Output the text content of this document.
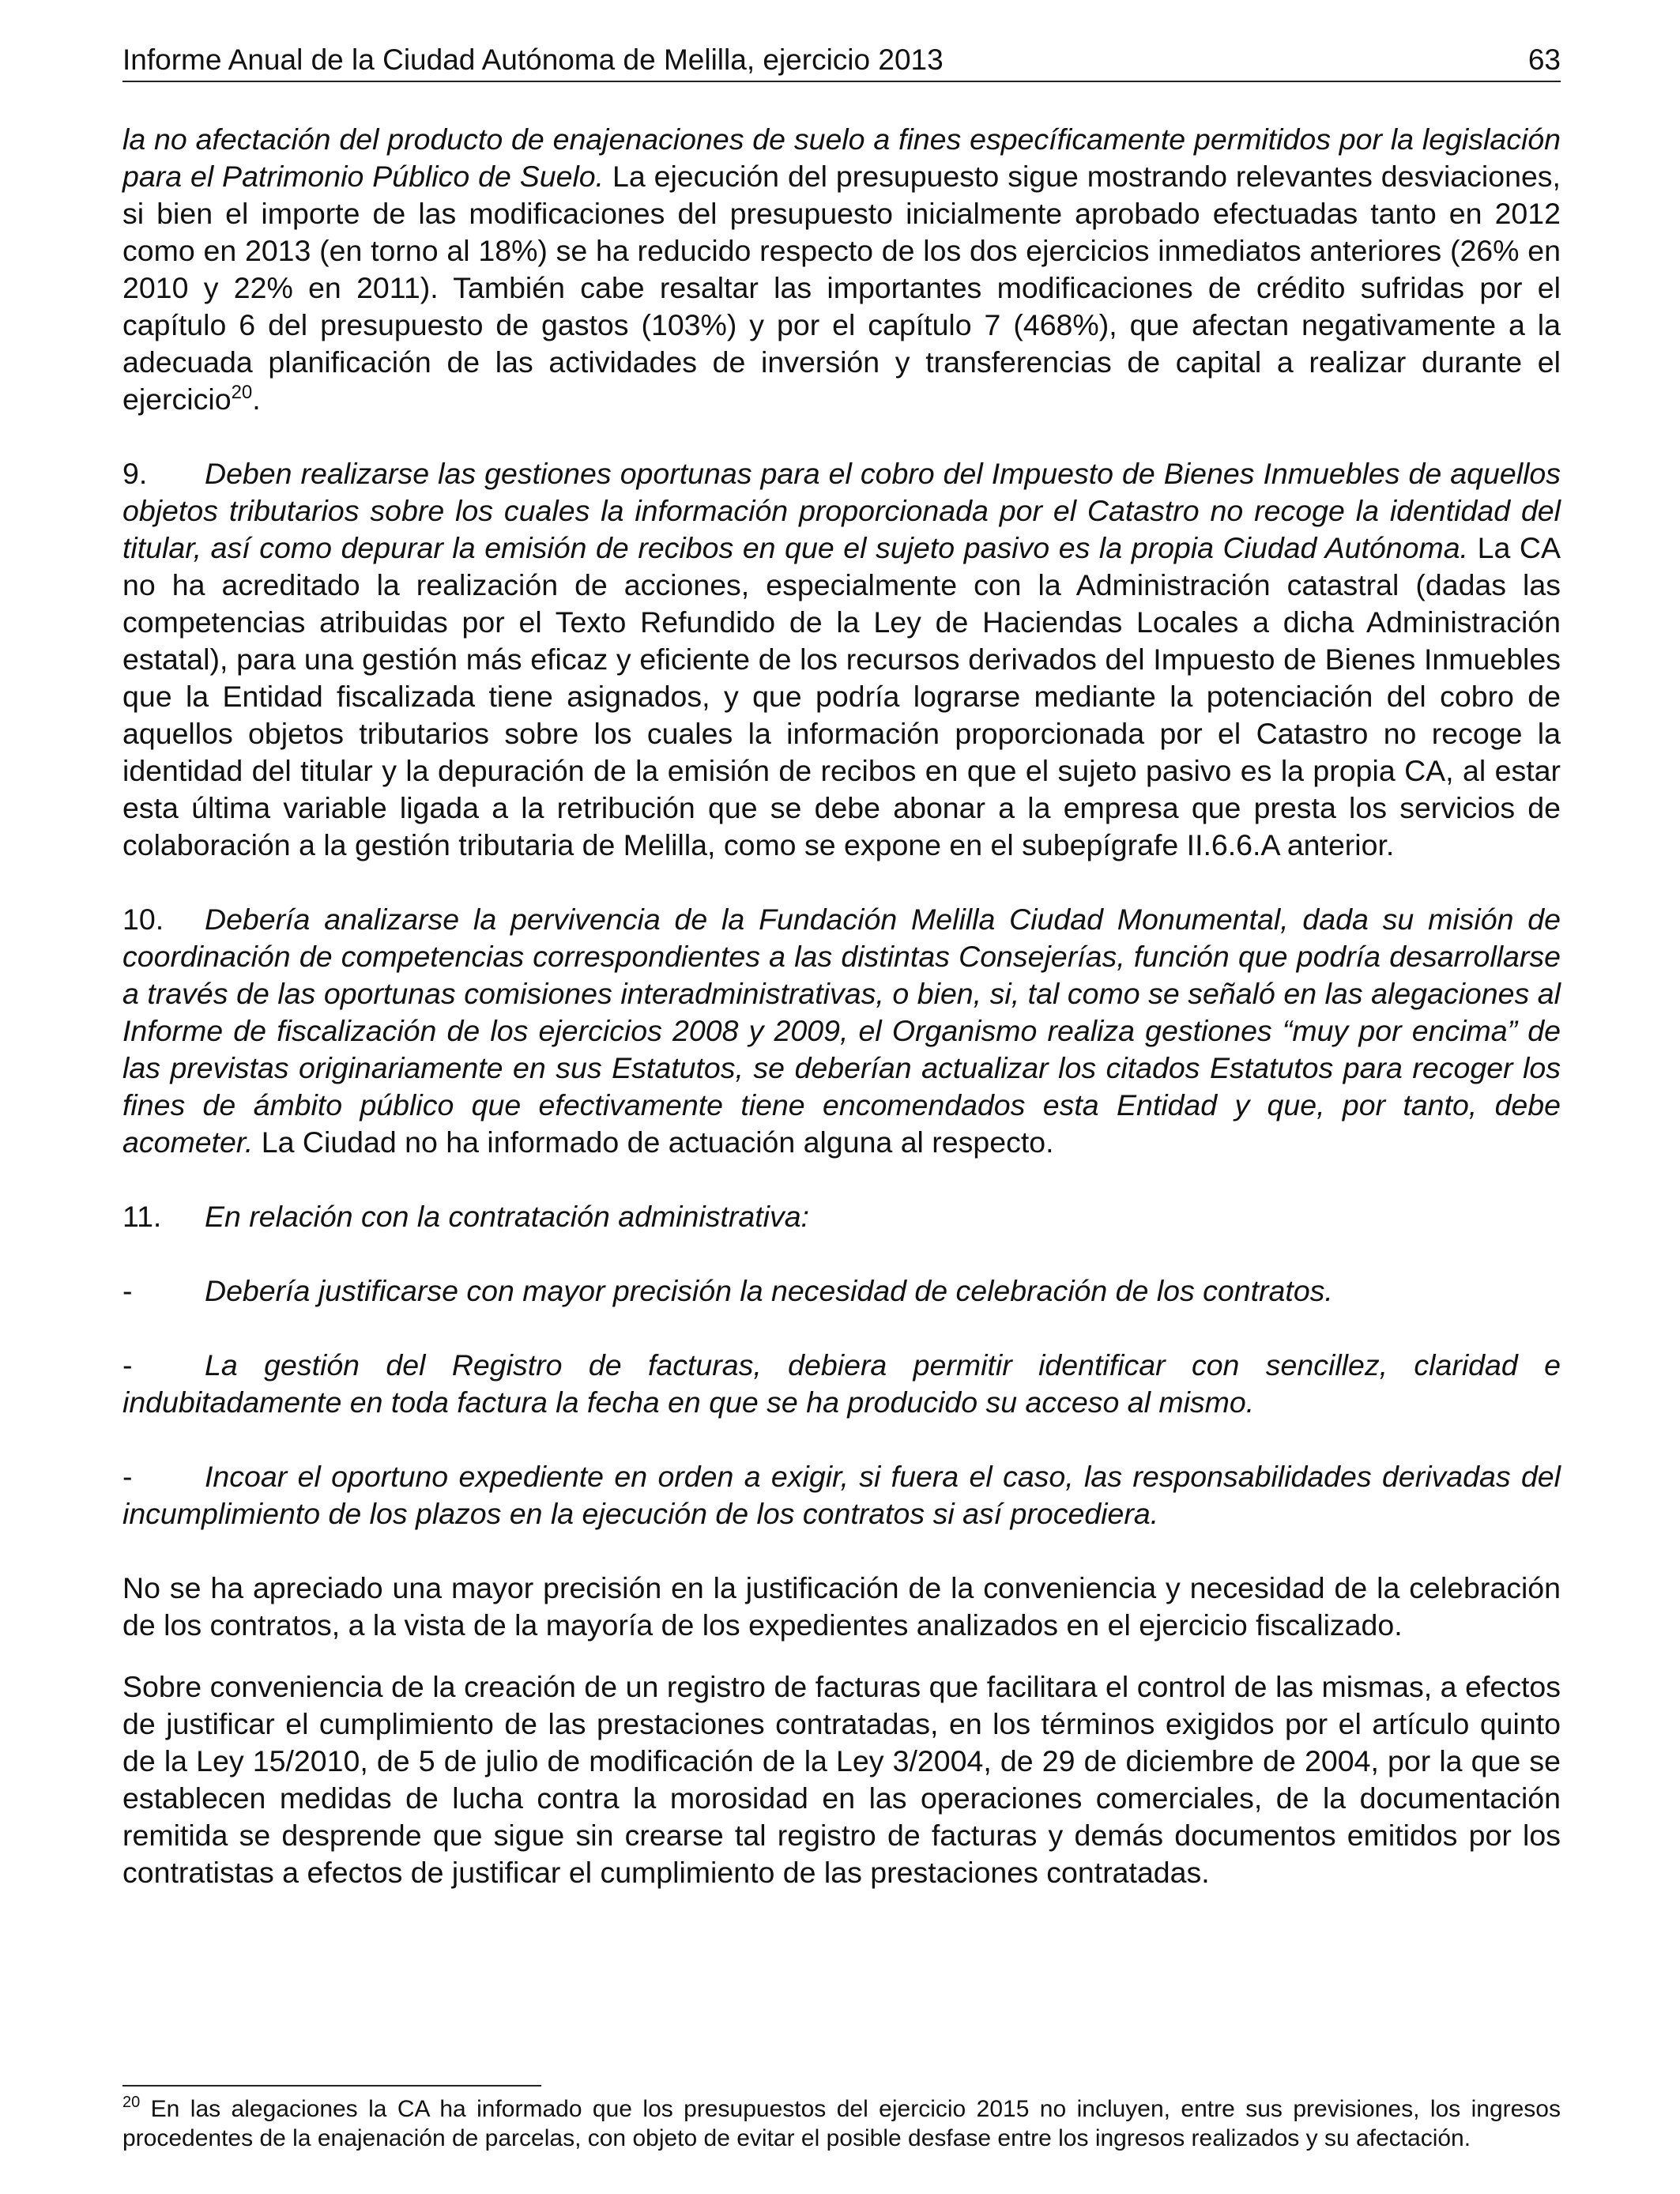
Informe Anual de la Ciudad Autónoma de Melilla, ejercicio 2013	63

la no afectación del producto de enajenaciones de suelo a fines específicamente permitidos por la legislación para el Patrimonio Público de Suelo. La ejecución del presupuesto sigue mostrando relevantes desviaciones, si bien el importe de las modificaciones del presupuesto inicialmente aprobado efectuadas tanto en 2012 como en 2013 (en torno al 18%) se ha reducido respecto de los dos ejercicios inmediatos anteriores (26% en 2010 y 22% en 2011). También cabe resaltar las importantes modificaciones de crédito sufridas por el capítulo 6 del presupuesto de gastos (103%) y por el capítulo 7 (468%), que afectan negativamente a la adecuada planificación de las actividades de inversión y transferencias de capital a realizar durante el ejercicio$^{20}$.

9. Deben realizarse las gestiones oportunas para el cobro del Impuesto de Bienes Inmuebles de aquellos objetos tributarios sobre los cuales la información proporcionada por el Catastro no recoge la identidad del titular, así como depurar la emisión de recibos en que el sujeto pasivo es la propia Ciudad Autónoma. La CA no ha acreditado la realización de acciones, especialmente con la Administración catastral (dadas las competencias atribuidas por el Texto Refundido de la Ley de Haciendas Locales a dicha Administración estatal), para una gestión más eficaz y eficiente de los recursos derivados del Impuesto de Bienes Inmuebles que la Entidad fiscalizada tiene asignados, y que podría lograrse mediante la potenciación del cobro de aquellos objetos tributarios sobre los cuales la información proporcionada por el Catastro no recoge la identidad del titular y la depuración de la emisión de recibos en que el sujeto pasivo es la propia CA, al estar esta última variable ligada a la retribución que se debe abonar a la empresa que presta los servicios de colaboración a la gestión tributaria de Melilla, como se expone en el subepígrafe II.6.6.A anterior.

10. Debería analizarse la pervivencia de la Fundación Melilla Ciudad Monumental, dada su misión de coordinación de competencias correspondientes a las distintas Consejerías, función que podría desarrollarse a través de las oportunas comisiones interadministrativas, o bien, si, tal como se señaló en las alegaciones al Informe de fiscalización de los ejercicios 2008 y 2009, el Organismo realiza gestiones “muy por encima” de las previstas originariamente en sus Estatutos, se deberían actualizar los citados Estatutos para recoger los fines de ámbito público que efectivamente tiene encomendados esta Entidad y que, por tanto, debe acometer. La Ciudad no ha informado de actuación alguna al respecto.

11. En relación con la contratación administrativa:

- Debería justificarse con mayor precisión la necesidad de celebración de los contratos.

- La gestión del Registro de facturas, debiera permitir identificar con sencillez, claridad e indubitadamente en toda factura la fecha en que se ha producido su acceso al mismo.

- Incoar el oportuno expediente en orden a exigir, si fuera el caso, las responsabilidades derivadas del incumplimiento de los plazos en la ejecución de los contratos si así procediera.

No se ha apreciado una mayor precisión en la justificación de la conveniencia y necesidad de la celebración de los contratos, a la vista de la mayoría de los expedientes analizados en el ejercicio fiscalizado.

Sobre conveniencia de la creación de un registro de facturas que facilitara el control de las mismas, a efectos de justificar el cumplimiento de las prestaciones contratadas, en los términos exigidos por el artículo quinto de la Ley 15/2010, de 5 de julio de modificación de la Ley 3/2004, de 29 de diciembre de 2004, por la que se establecen medidas de lucha contra la morosidad en las operaciones comerciales, de la documentación remitida se desprende que sigue sin crearse tal registro de facturas y demás documentos emitidos por los contratistas a efectos de justificar el cumplimiento de las prestaciones contratadas.

$^{20}$ En las alegaciones la CA ha informado que los presupuestos del ejercicio 2015 no incluyen, entre sus previsiones, los ingresos procedentes de la enajenación de parcelas, con objeto de evitar el posible desfase entre los ingresos realizados y su afectación.
